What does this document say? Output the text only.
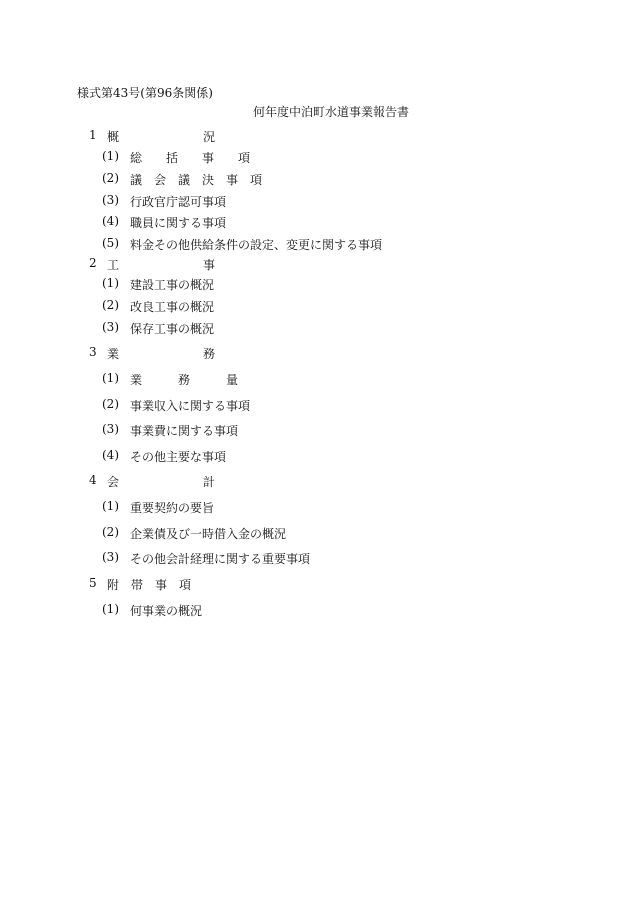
様式第43号(第96条関係)
何年度中泊町水道事業報告書
1 概　　　　　　　況
(1) 総　　括　　事　　項
(2) 議　会　議　決　事　項
(3) 行政官庁認可事項
(4) 職員に関する事項
(5) 料金その他供給条件の設定、変更に関する事項
2 工　　　　　　　事
(1) 建設工事の概況
(2) 改良工事の概況
(3) 保存工事の概況
3 業　　　　　　　務
(1) 業　　　務　　　量
(2) 事業収入に関する事項
(3) 事業費に関する事項
(4) その他主要な事項
4 会　　　　　　　計
(1) 重要契約の要旨
(2) 企業債及び一時借入金の概況
(3) その他会計経理に関する重要事項
5 附　帯　事　項
(1) 何事業の概況
